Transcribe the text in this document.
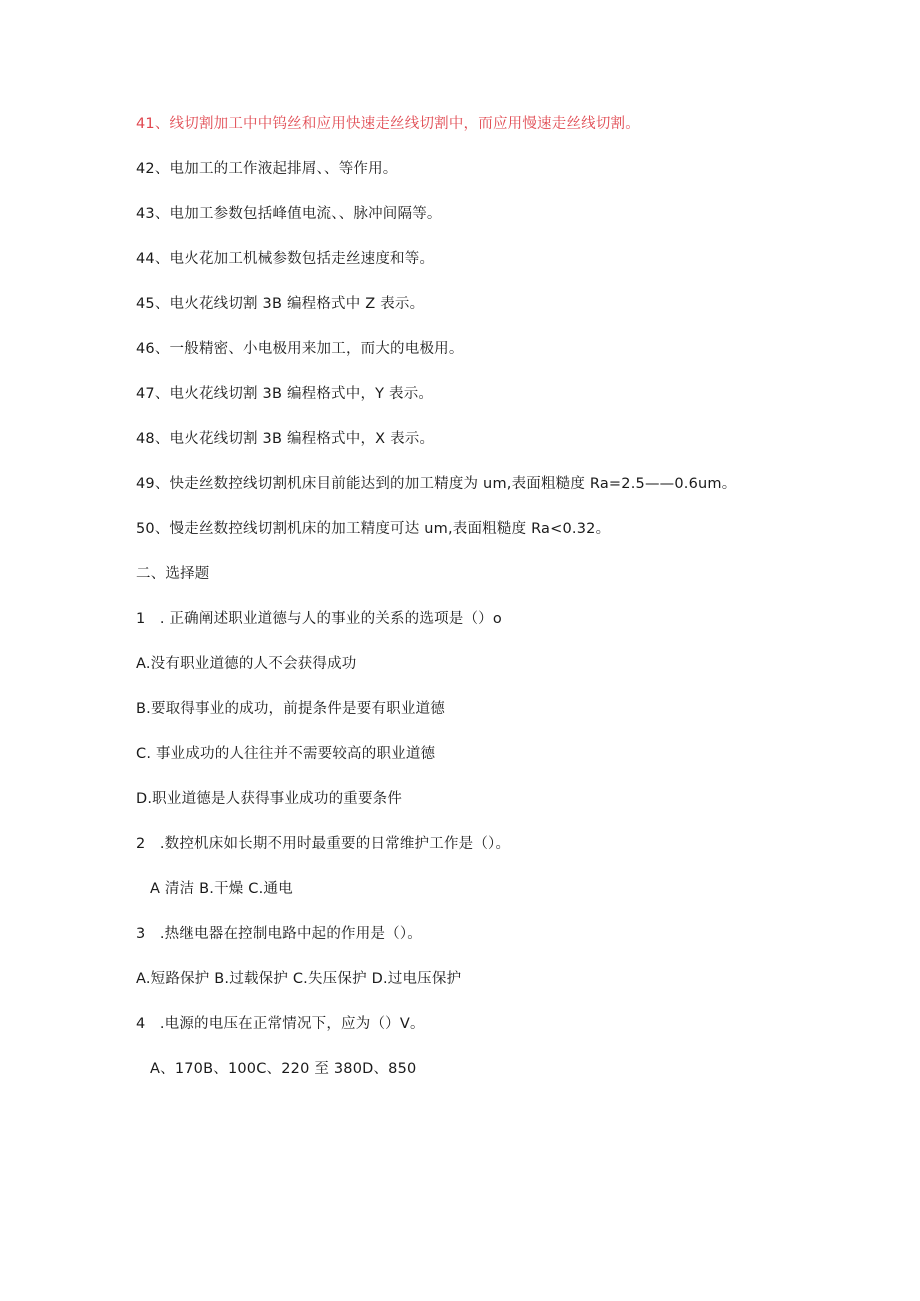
41、线切割加工中中钨丝和应用快速走丝线切割中，而应用慢速走丝线切割。
42、电加工的工作液起排屑、、等作用。
43、电加工参数包括峰值电流、、脉冲间隔等。
44、电火花加工机械参数包括走丝速度和等。
45、电火花线切割 3B 编程格式中 Z 表示。
46、一般精密、小电极用来加工，而大的电极用。
47、电火花线切割 3B 编程格式中，Y 表示。
48、电火花线切割 3B 编程格式中，X 表示。
49、快走丝数控线切割机床目前能达到的加工精度为 um,表面粗糙度 Ra=2.5——0.6um。
50、慢走丝数控线切割机床的加工精度可达 um,表面粗糙度 Ra<0.32。
二、选择题
1   . 正确阐述职业道德与人的事业的关系的选项是（）o
A.没有职业道德的人不会获得成功
B.要取得事业的成功，前提条件是要有职业道德
C. 事业成功的人往往并不需要较高的职业道德
D.职业道德是人获得事业成功的重要条件
2   .数控机床如长期不用时最重要的日常维护工作是（）。
A 清洁 B.干燥 C.通电
3   .热继电器在控制电路中起的作用是（）。
A.短路保护 B.过载保护 C.失压保护 D.过电压保护
4   .电源的电压在正常情况下，应为（）V。
A、170B、100C、220 至 380D、850
